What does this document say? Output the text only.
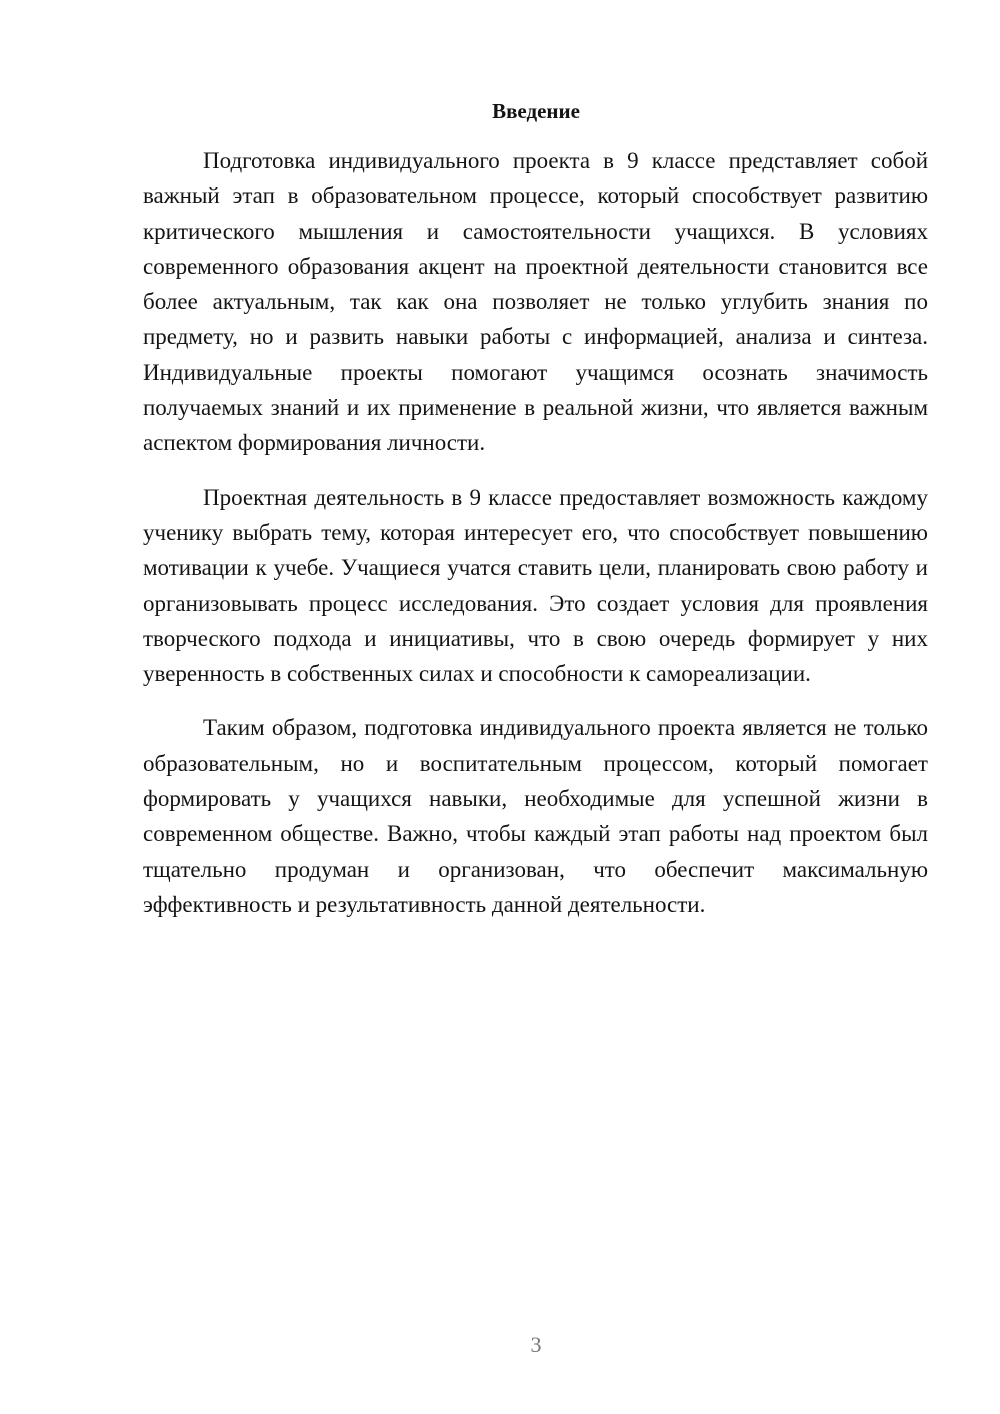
Введение

Подготовка индивидуального проекта в 9 классе представляет собой важный этап в образовательном процессе, который способствует развитию критического мышления и самостоятельности учащихся. В условиях современного образования акцент на проектной деятельности становится все более актуальным, так как она позволяет не только углубить знания по предмету, но и развить навыки работы с информацией, анализа и синтеза. Индивидуальные проекты помогают учащимся осознать значимость получаемых знаний и их применение в реальной жизни, что является важным аспектом формирования личности.

Проектная деятельность в 9 классе предоставляет возможность каждому ученику выбрать тему, которая интересует его, что способствует повышению мотивации к учебе. Учащиеся учатся ставить цели, планировать свою работу и организовывать процесс исследования. Это создает условия для проявления творческого подхода и инициативы, что в свою очередь формирует у них уверенность в собственных силах и способности к самореализации.

Таким образом, подготовка индивидуального проекта является не только образовательным, но и воспитательным процессом, который помогает формировать у учащихся навыки, необходимые для успешной жизни в современном обществе. Важно, чтобы каждый этап работы над проектом был тщательно продуман и организован, что обеспечит максимальную эффективность и результативность данной деятельности.

3
